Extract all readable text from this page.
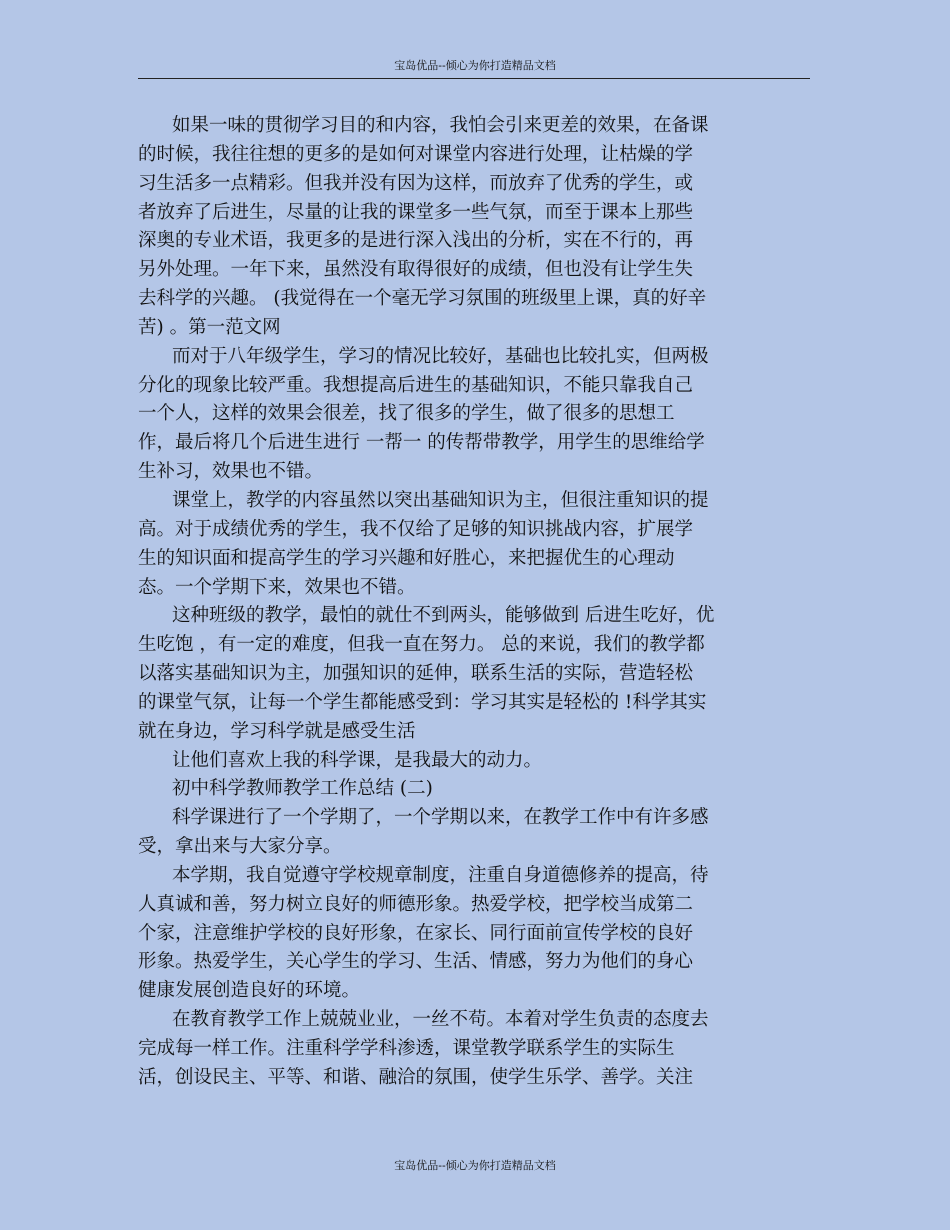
宝岛优品--倾心为你打造精品文档
如果一味的贯彻学习目的和内容，我怕会引来更差的效果，在备课
的时候，我往往想的更多的是如何对课堂内容进行处理，让枯燥的学
习生活多一点精彩。但我并没有因为这样，而放弃了优秀的学生，或
者放弃了后进生，尽量的让我的课堂多一些气氛，而至于课本上那些
深奥的专业术语，我更多的是进行深入浅出的分析，实在不行的，再
另外处理。一年下来，虽然没有取得很好的成绩，但也没有让学生失
去科学的兴趣。 (我觉得在一个毫无学习氛围的班级里上课，真的好辛
苦) 。第一范文网
而对于八年级学生，学习的情况比较好，基础也比较扎实，但两极
分化的现象比较严重。我想提高后进生的基础知识，不能只靠我自己
一个人，这样的效果会很差，找了很多的学生，做了很多的思想工
作，最后将几个后进生进行 一帮一 的传帮带教学，用学生的思维给学
生补习，效果也不错。
课堂上，教学的内容虽然以突出基础知识为主，但很注重知识的提
高。对于成绩优秀的学生，我不仅给了足够的知识挑战内容，扩展学
生的知识面和提高学生的学习兴趣和好胜心，来把握优生的心理动
态。一个学期下来，效果也不错。
这种班级的教学，最怕的就仕不到两头，能够做到 后进生吃好，优
生吃饱 ，有一定的难度，但我一直在努力。 总的来说，我们的教学都
以落实基础知识为主，加强知识的延伸，联系生活的实际，营造轻松
的课堂气氛，让每一个学生都能感受到：学习其实是轻松的 !科学其实
就在身边，学习科学就是感受生活
让他们喜欢上我的科学课，是我最大的动力。
初中科学教师教学工作总结 (二)
科学课进行了一个学期了，一个学期以来，在教学工作中有许多感
受，拿出来与大家分享。
本学期，我自觉遵守学校规章制度，注重自身道德修养的提高，待
人真诚和善，努力树立良好的师德形象。热爱学校，把学校当成第二
个家，注意维护学校的良好形象，在家长、同行面前宣传学校的良好
形象。热爱学生，关心学生的学习、生活、情感，努力为他们的身心
健康发展创造良好的环境。
在教育教学工作上兢兢业业，一丝不苟。本着对学生负责的态度去
完成每一样工作。注重科学学科渗透，课堂教学联系学生的实际生
活，创设民主、平等、和谐、融洽的氛围，使学生乐学、善学。关注
宝岛优品--倾心为你打造精品文档
